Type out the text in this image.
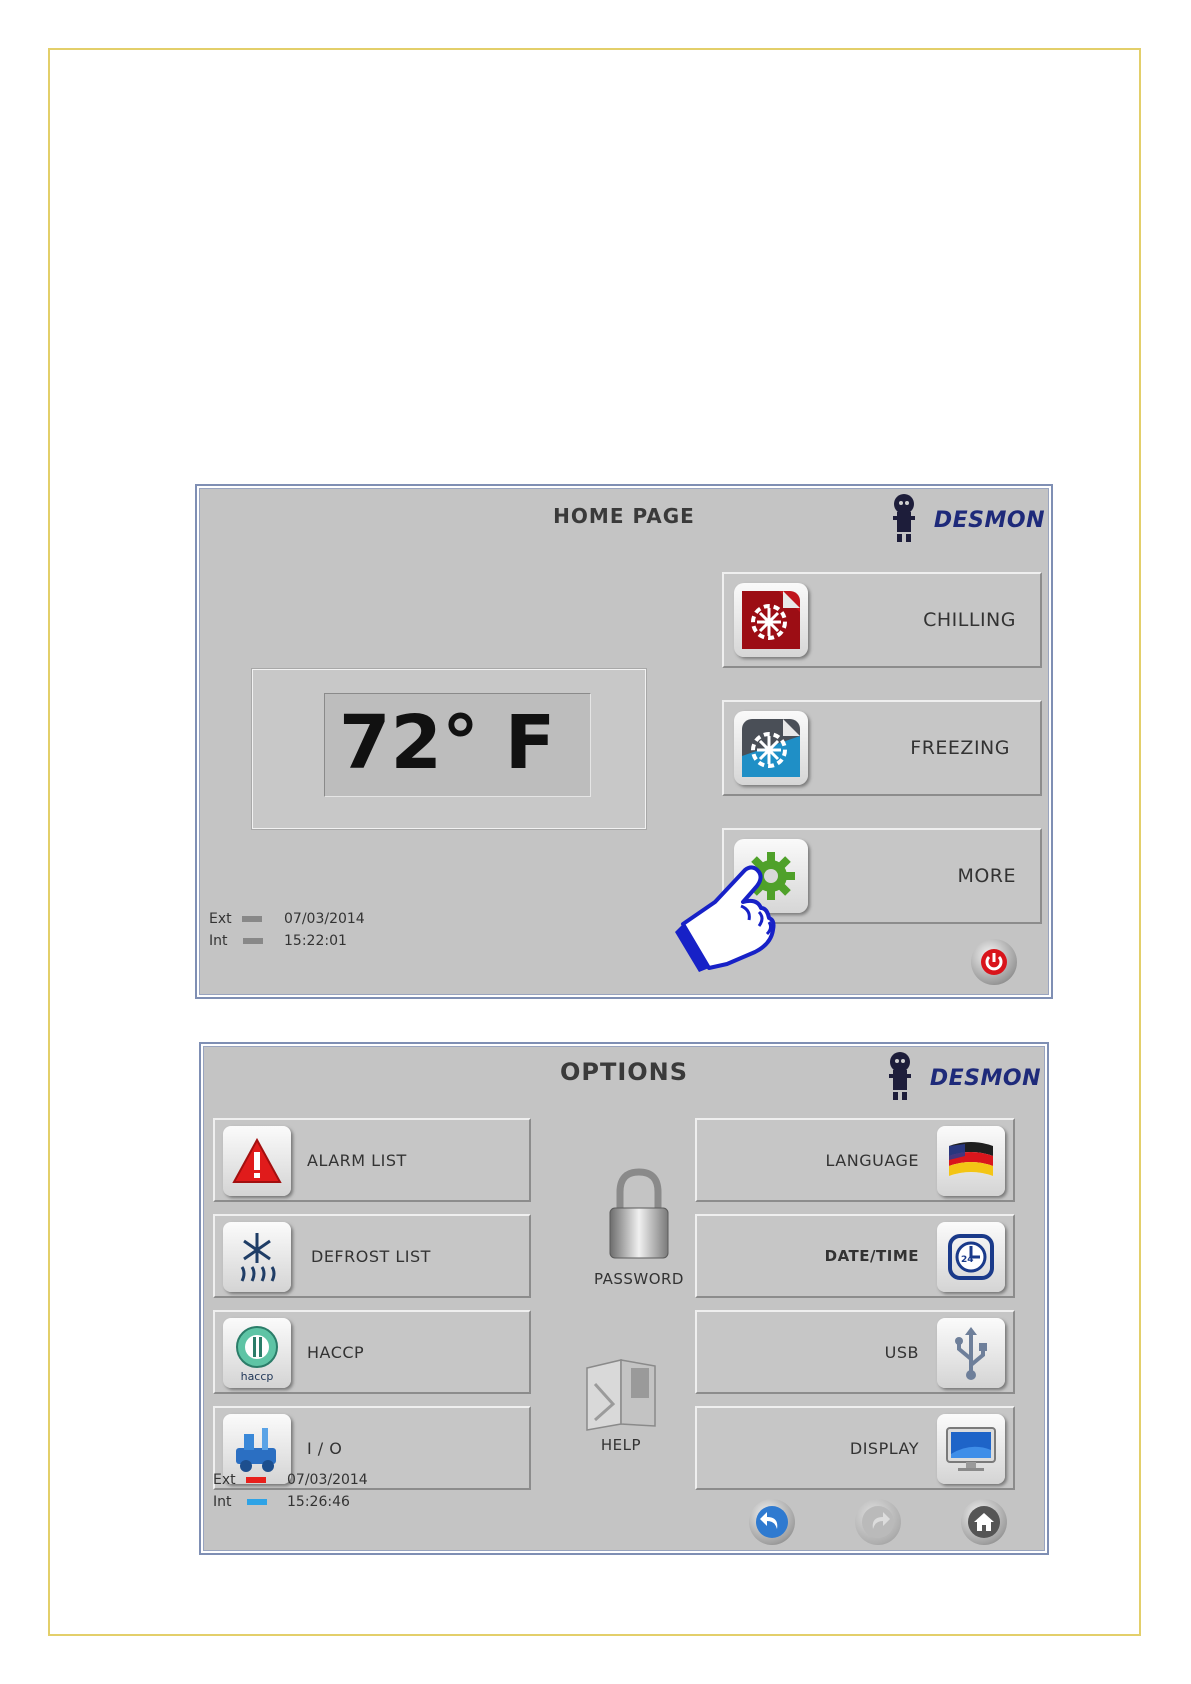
HOME PAGE	DESMON
72° F
CHILLING
FREEZING
MORE
Ext
Int
07/03/2014
15:22:01
OPTIONS	DESMON
ALARM LIST
DEFROST LIST
haccp
HACCP
I / O
PASSWORD
HELP
LANGUAGE
DATE/TIME	24
USB
DISPLAY
Ext
Int
07/03/2014
15:26:46
